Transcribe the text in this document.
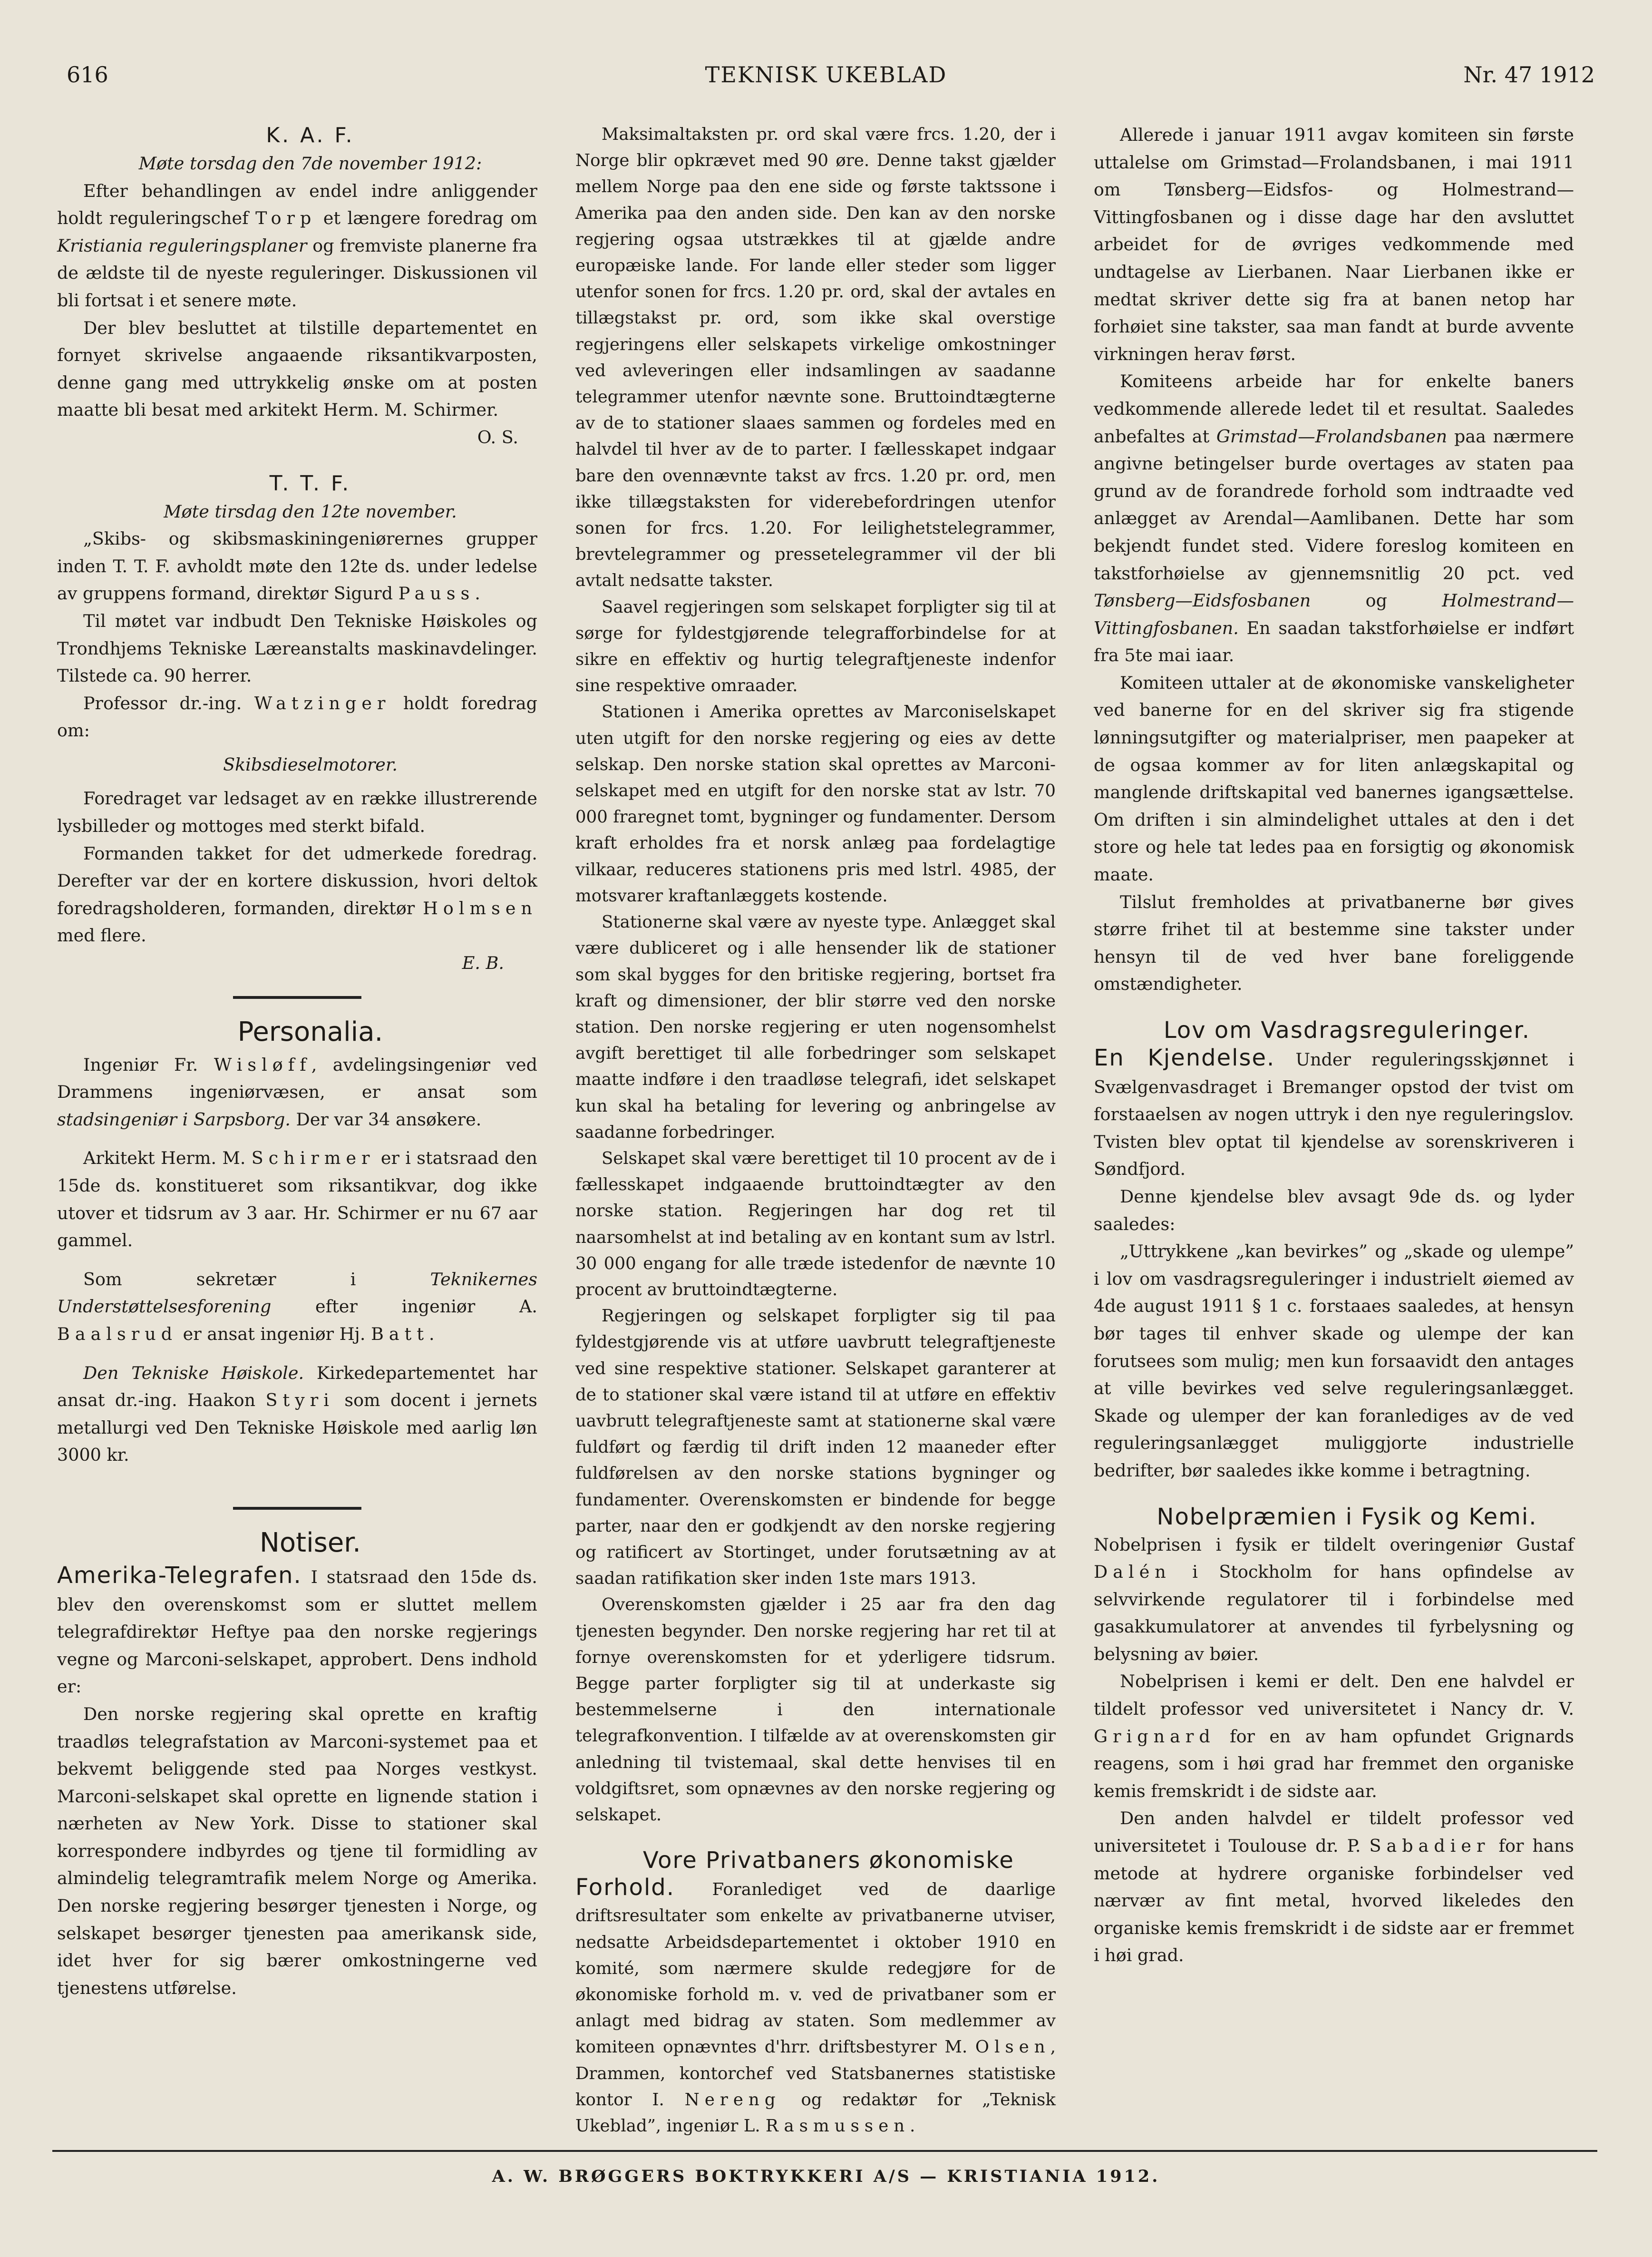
616	TEKNISK UKEBLAD	Nr. 47 1912

K. A. F.

Møte torsdag den 7de november 1912:

Efter behandlingen av endel indre anliggender holdt reguleringschef Torp et længere foredrag om Kristiania reguleringsplaner og fremviste planerne fra de ældste til de nyeste reguleringer. Diskussionen vil bli fortsat i et senere møte.

Der blev besluttet at tilstille departementet en fornyet skrivelse angaaende riksantikvarposten, denne gang med uttrykkelig ønske om at posten maatte bli besat med arkitekt Herm. M. Schirmer.

O. S.

T. T. F.

Møte tirsdag den 12te november.

„Skibs- og skibsmaskiningeniørernes grupper inden T. T. F. avholdt møte den 12te ds. under ledelse av gruppens formand, direktør Sigurd Pauss.

Til møtet var indbudt Den Tekniske Høiskoles og Trondhjems Tekniske Læreanstalts maskinavdelinger. Tilstede ca. 90 herrer.

Professor dr.-ing. Watzinger holdt foredrag om:

Skibsdieselmotorer.

Foredraget var ledsaget av en række illustrerende lysbilleder og mottoges med sterkt bifald.

Formanden takket for det udmerkede foredrag. Derefter var der en kortere diskussion, hvori deltok foredragsholderen, formanden, direktør Holmsen med flere.

E. B.

Personalia.

Ingeniør Fr. Wisløff, avdelingsingeniør ved Drammens ingeniørvæsen, er ansat som stadsingeniør i Sarpsborg. Der var 34 ansøkere.

Arkitekt Herm. M. Schirmer er i statsraad den 15de ds. konstitueret som riksantikvar, dog ikke utover et tidsrum av 3 aar. Hr. Schirmer er nu 67 aar gammel.

Som sekretær i Teknikernes Understøttelsesforening efter ingeniør A. Baalsrud er ansat ingeniør Hj. Batt.

Den Tekniske Høiskole. Kirkedepartementet har ansat dr.-ing. Haakon Styri som docent i jernets metallurgi ved Den Tekniske Høiskole med aarlig løn 3000 kr.

Notiser.

Amerika-Telegrafen. I statsraad den 15de ds. blev den overenskomst som er sluttet mellem telegrafdirektør Heftye paa den norske regjerings vegne og Marconi-selskapet, approbert. Dens indhold er:

Den norske regjering skal oprette en kraftig traadløs telegrafstation av Marconi-systemet paa et bekvemt beliggende sted paa Norges vestkyst. Marconi-selskapet skal oprette en lignende station i nærheten av New York. Disse to stationer skal korrespondere indbyrdes og tjene til formidling av almindelig telegramtrafik melem Norge og Amerika. Den norske regjering besørger tjenesten i Norge, og selskapet besørger tjenesten paa amerikansk side, idet hver for sig bærer omkostningerne ved tjenestens utførelse.

Maksimaltaksten pr. ord skal være frcs. 1.20, der i Norge blir opkrævet med 90 øre. Denne takst gjælder mellem Norge paa den ene side og første taktssone i Amerika paa den anden side. Den kan av den norske regjering ogsaa utstrækkes til at gjælde andre europæiske lande. For lande eller steder som ligger utenfor sonen for frcs. 1.20 pr. ord, skal der avtales en tillægstakst pr. ord, som ikke skal overstige regjeringens eller selskapets virkelige omkostninger ved avleveringen eller indsamlingen av saadanne telegrammer utenfor nævnte sone. Bruttoindtægterne av de to stationer slaaes sammen og fordeles med en halvdel til hver av de to parter. I fællesskapet indgaar bare den ovennævnte takst av frcs. 1.20 pr. ord, men ikke tillægstaksten for viderebefordringen utenfor sonen for frcs. 1.20. For leilighetstelegrammer, brevtelegrammer og pressetelegrammer vil der bli avtalt nedsatte takster.

Saavel regjeringen som selskapet forpligter sig til at sørge for fyldestgjørende telegrafforbindelse for at sikre en effektiv og hurtig telegraftjeneste indenfor sine respektive omraader.

Stationen i Amerika oprettes av Marconiselskapet uten utgift for den norske regjering og eies av dette selskap. Den norske station skal oprettes av Marconi-selskapet med en utgift for den norske stat av lstr. 70 000 fraregnet tomt, bygninger og fundamenter. Dersom kraft erholdes fra et norsk anlæg paa fordelagtige vilkaar, reduceres stationens pris med lstrl. 4985, der motsvarer kraftanlæggets kostende.

Stationerne skal være av nyeste type. Anlægget skal være dubliceret og i alle hensender lik de stationer som skal bygges for den britiske regjering, bortset fra kraft og dimensioner, der blir større ved den norske station. Den norske regjering er uten nogensomhelst avgift berettiget til alle forbedringer som selskapet maatte indføre i den traadløse telegrafi, idet selskapet kun skal ha betaling for levering og anbringelse av saadanne forbedringer.

Selskapet skal være berettiget til 10 procent av de i fællesskapet indgaaende bruttoindtægter av den norske station. Regjeringen har dog ret til naarsomhelst at ind betaling av en kontant sum av lstrl. 30 000 engang for alle træde istedenfor de nævnte 10 procent av bruttoindtægterne.

Regjeringen og selskapet forpligter sig til paa fyldestgjørende vis at utføre uavbrutt telegraftjeneste ved sine respektive stationer. Selskapet garanterer at de to stationer skal være istand til at utføre en effektiv uavbrutt telegraftjeneste samt at stationerne skal være fuldført og færdig til drift inden 12 maaneder efter fuldførelsen av den norske stations bygninger og fundamenter. Overenskomsten er bindende for begge parter, naar den er godkjendt av den norske regjering og ratificert av Stortinget, under forutsætning av at saadan ratifikation sker inden 1ste mars 1913.

Overenskomsten gjælder i 25 aar fra den dag tjenesten begynder. Den norske regjering har ret til at fornye overenskomsten for et yderligere tidsrum. Begge parter forpligter sig til at underkaste sig bestemmelserne i den internationale telegrafkonvention. I tilfælde av at overenskomsten gir anledning til tvistemaal, skal dette henvises til en voldgiftsret, som opnævnes av den norske regjering og selskapet.

Vore Privatbaners økonomiske

Forhold. Foranlediget ved de daarlige driftsresultater som enkelte av privatbanerne utviser, nedsatte Arbeidsdepartementet i oktober 1910 en komité, som nærmere skulde redegjøre for de økonomiske forhold m. v. ved de privatbaner som er anlagt med bidrag av staten. Som medlemmer av komiteen opnævntes d'hrr. driftsbestyrer M. Olsen, Drammen, kontorchef ved Statsbanernes statistiske kontor I. Nereng og redaktør for „Teknisk Ukeblad”, ingeniør L. Rasmussen.

Allerede i januar 1911 avgav komiteen sin første uttalelse om Grimstad—Frolandsbanen, i mai 1911 om Tønsberg—Eidsfos- og Holmestrand—Vittingfosbanen og i disse dage har den avsluttet arbeidet for de øvriges vedkommende med undtagelse av Lierbanen. Naar Lierbanen ikke er medtat skriver dette sig fra at banen netop har forhøiet sine takster, saa man fandt at burde avvente virkningen herav først.

Komiteens arbeide har for enkelte baners vedkommende allerede ledet til et resultat. Saaledes anbefaltes at Grimstad—Frolandsbanen paa nærmere angivne betingelser burde overtages av staten paa grund av de forandrede forhold som indtraadte ved anlægget av Arendal—Aamlibanen. Dette har som bekjendt fundet sted. Videre foreslog komiteen en takstforhøielse av gjennemsnitlig 20 pct. ved Tønsberg—Eidsfosbanen og Holmestrand—Vittingfosbanen. En saadan takstforhøielse er indført fra 5te mai iaar.

Komiteen uttaler at de økonomiske vanskeligheter ved banerne for en del skriver sig fra stigende lønningsutgifter og materialpriser, men paapeker at de ogsaa kommer av for liten anlægskapital og manglende driftskapital ved banernes igangsættelse. Om driften i sin almindelighet uttales at den i det store og hele tat ledes paa en forsigtig og økonomisk maate.

Tilslut fremholdes at privatbanerne bør gives større frihet til at bestemme sine takster under hensyn til de ved hver bane foreliggende omstændigheter.

Lov om Vasdragsreguleringer.

En Kjendelse. Under reguleringsskjønnet i Svælgenvasdraget i Bremanger opstod der tvist om forstaaelsen av nogen uttryk i den nye reguleringslov. Tvisten blev optat til kjendelse av sorenskriveren i Søndfjord.

Denne kjendelse blev avsagt 9de ds. og lyder saaledes:

„Uttrykkene „kan bevirkes” og „skade og ulempe” i lov om vasdragsreguleringer i industrielt øiemed av 4de august 1911 § 1 c. forstaaes saaledes, at hensyn bør tages til enhver skade og ulempe der kan forutsees som mulig; men kun forsaavidt den antages at ville bevirkes ved selve reguleringsanlægget. Skade og ulemper der kan foranlediges av de ved reguleringsanlægget muliggjorte industrielle bedrifter, bør saaledes ikke komme i betragtning.

Nobelpræmien i Fysik og Kemi.

Nobelprisen i fysik er tildelt overingeniør Gustaf Dalén i Stockholm for hans opfindelse av selvvirkende regulatorer til i forbindelse med gasakkumulatorer at anvendes til fyrbelysning og belysning av bøier.

Nobelprisen i kemi er delt. Den ene halvdel er tildelt professor ved universitetet i Nancy dr. V. Grignard for en av ham opfundet Grignards reagens, som i høi grad har fremmet den organiske kemis fremskridt i de sidste aar.

Den anden halvdel er tildelt professor ved universitetet i Toulouse dr. P. Sabadier for hans metode at hydrere organiske forbindelser ved nærvær av fint metal, hvorved likeledes den organiske kemis fremskridt i de sidste aar er fremmet i høi grad.

A. W. BRØGGERS BOKTRYKKERI A/S — KRISTIANIA 1912.
